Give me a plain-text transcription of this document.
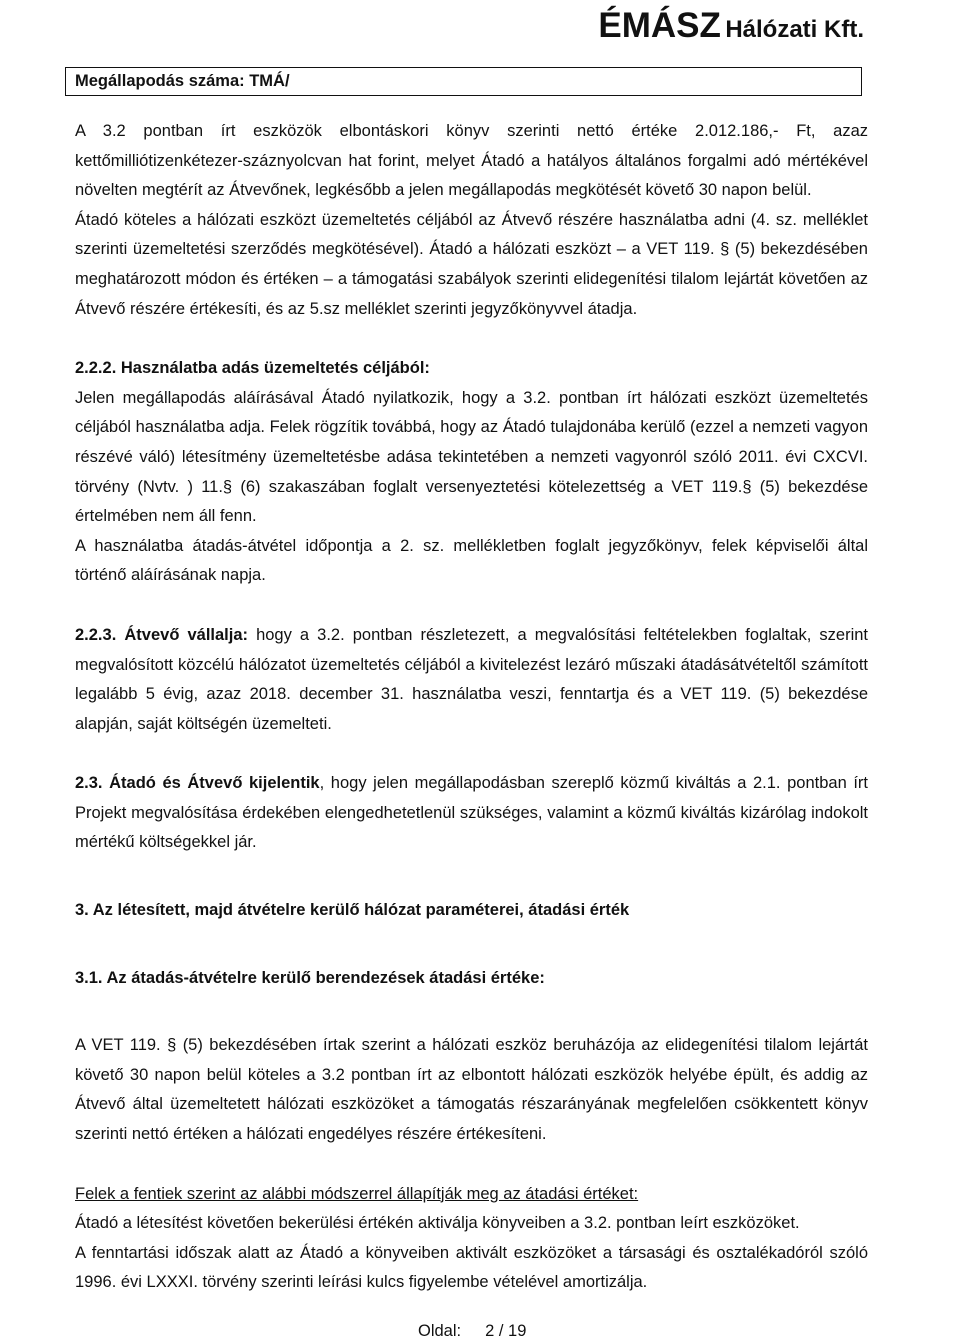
ÉMÁSZ Hálózati Kft.
Megállapodás száma: TMÁ/

A 3.2 pontban írt eszközök elbontáskori könyv szerinti nettó értéke 2.012.186,- Ft, azaz kettőmilliótizenkétezer-száznyolcvan hat forint, melyet Átadó a hatályos általános forgalmi adó mértékével növelten megtérít az Átvevőnek, legkésőbb a jelen megállapodás megkötését követő 30 napon belül.

Átadó köteles a hálózati eszközt üzemeltetés céljából az Átvevő részére használatba adni (4. sz. melléklet szerinti üzemeltetési szerződés megkötésével). Átadó a hálózati eszközt – a VET 119. § (5) bekezdésében meghatározott módon és értéken – a támogatási szabályok szerinti elidegenítési tilalom lejártát követően az Átvevő részére értékesíti, és az 5.sz melléklet szerinti jegyzőkönyvvel átadja.

2.2.2. Használatba adás üzemeltetés céljából:

Jelen megállapodás aláírásával Átadó nyilatkozik, hogy a 3.2. pontban írt hálózati eszközt üzemeltetés céljából használatba adja. Felek rögzítik továbbá, hogy az Átadó tulajdonába kerülő (ezzel a nemzeti vagyon részévé váló) létesítmény üzemeltetésbe adása tekintetében a nemzeti vagyonról szóló 2011. évi CXCVI. törvény (Nvtv. ) 11.§ (6) szakaszában foglalt versenyeztetési kötelezettség a VET 119.§ (5) bekezdése értelmében nem áll fenn.

A használatba átadás-átvétel időpontja a 2. sz. mellékletben foglalt jegyzőkönyv, felek képviselői által történő aláírásának napja.

2.2.3. Átvevő vállalja: hogy a 3.2. pontban részletezett, a megvalósítási feltételekben foglaltak, szerint megvalósított közcélú hálózatot üzemeltetés céljából a kivitelezést lezáró műszaki átadásátvételtől számított legalább 5 évig, azaz 2018. december 31. használatba veszi, fenntartja és a VET 119. (5) bekezdése alapján, saját költségén üzemelteti.

2.3. Átadó és Átvevő kijelentik, hogy jelen megállapodásban szereplő közmű kiváltás a 2.1. pontban írt Projekt megvalósítása érdekében elengedhetetlenül szükséges, valamint a közmű kiváltás kizárólag indokolt mértékű költségekkel jár.

3. Az létesített, majd átvételre kerülő hálózat paraméterei, átadási érték

3.1. Az átadás-átvételre kerülő berendezések átadási értéke:

A VET 119. § (5) bekezdésében írtak szerint a hálózati eszköz beruházója az elidegenítési tilalom lejártát követő 30 napon belül köteles a 3.2 pontban írt az elbontott hálózati eszközök helyébe épült, és addig az Átvevő által üzemeltetett hálózati eszközöket a támogatás részarányának megfelelően csökkentett könyv szerinti nettó értéken a hálózati engedélyes részére értékesíteni.

Felek a fentiek szerint az alábbi módszerrel állapítják meg az átadási értéket:

Átadó a létesítést követően bekerülési értékén aktiválja könyveiben a 3.2. pontban leírt eszközöket.

A fenntartási időszak alatt az Átadó a könyveiben aktivált eszközöket a társasági és osztalékadóról szóló 1996. évi LXXXI. törvény szerinti leírási kulcs figyelembe vételével amortizálja.

Oldal: 2 / 19
